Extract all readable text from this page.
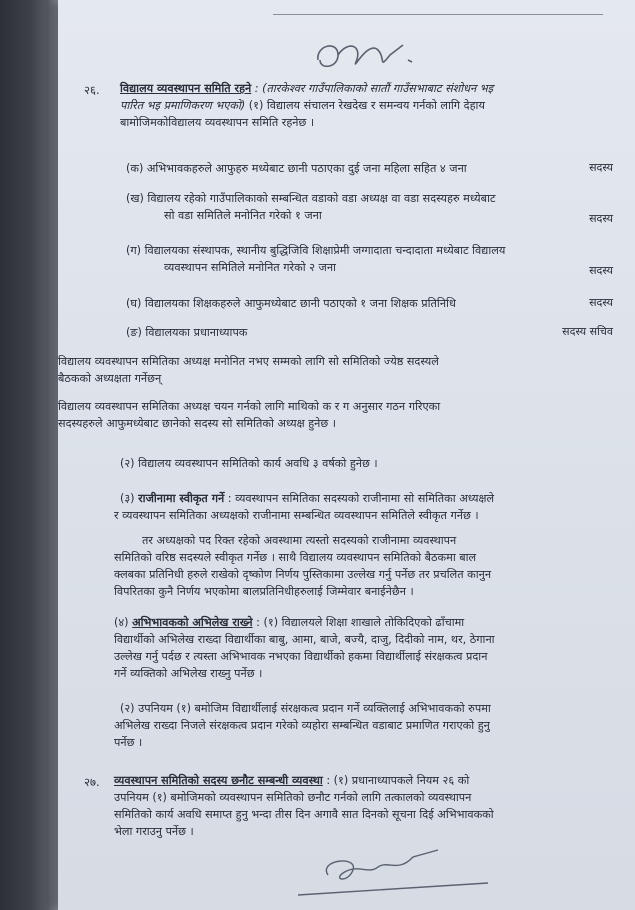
२६. विद्यालय व्यवस्थापन समिति रहने : (तारकेश्वर गाउँपालिकाको सातौं गाउँसभाबाट संशोधन भइ
पारित भइ प्रमाणिकरण भएको) (१) विद्यालय संचालन रेखदेख र समन्वय गर्नको लागि देहाय
बामोजिमकोविद्यालय व्यवस्थापन समिति रहनेछ ।
(क) अभिभावकहरुले आफुहरु मध्येबाट छानी पठाएका दुई जना महिला सहित ४ जना	सदस्य
(ख) विद्यालय रहेको गाउँपालिकाको सम्बन्धित वडाको वडा अध्यक्ष वा वडा सदस्यहरु मध्येबाट
सो वडा समितिले मनोनित गरेको १ जना	सदस्य
(ग) विद्यालयका संस्थापक, स्थानीय बुद्धिजिवि शिक्षाप्रेमी जग्गादाता चन्दादाता मध्येबाट विद्यालय
व्यवस्थापन समितिले मनोनित गरेको २ जना	सदस्य
(घ) विद्यालयका शिक्षकहरुले आफुमध्येबाट छानी पठाएको १ जना शिक्षक प्रतिनिधि	सदस्य
(ङ) विद्यालयका प्रधानाध्यापक	सदस्य सचिव
विद्यालय व्यवस्थापन समितिका अध्यक्ष मनोनित नभए सम्मको लागि सो समितिको ज्येष्ठ सदस्यले
बैठकको अध्यक्षता गर्नेछन्
विद्यालय व्यवस्थापन समितिका अध्यक्ष चयन गर्नको लागि माथिको क र ग अनुसार गठन गरिएका
सदस्यहरुले आफुमध्येबाट छानेको सदस्य सो समितिको अध्यक्ष हुनेछ ।
(२) विद्यालय व्यवस्थापन समितिको कार्य अवधि ३ वर्षको हुनेछ ।
(३) राजीनामा स्वीकृत गर्ने : व्यवस्थापन समितिका सदस्यको राजीनामा सो समितिका अध्यक्षले
र व्यवस्थापन समितिका अध्यक्षको राजीनामा सम्बन्धित व्यवस्थापन समितिले स्वीकृत गर्नेछ ।
तर अध्यक्षको पद रिक्त रहेको अवस्थामा त्यस्तो सदस्यको राजीनामा व्यवस्थापन
समितिको वरिष्ठ सदस्यले स्वीकृत गर्नेछ । साथै विद्यालय व्यवस्थापन समितिको बैठकमा बाल
क्लबका प्रतिनिधी हरुले राखेको दृष्कोण निर्णय पुस्तिकामा उल्लेख गर्नु पर्नेछ तर प्रचलित कानुन
विपरितका कुनै निर्णय भएकोमा बालप्रतिनिधीहरुलाई जिम्मेवार बनाईनेछैन ।
(४) अभिभावकको अभिलेख राख्ने : (१) विद्यालयले शिक्षा शाखाले तोकिदिएको ढाँचामा
विद्यार्थीको अभिलेख राख्दा विद्यार्थीका बाबु, आमा, बाजे, बज्यै, दाजु, दिदीको नाम, थर, ठेगाना
उल्लेख गर्नु पर्दछ र त्यस्ता अभिभावक नभएका विद्यार्थीको हकमा विद्यार्थीलाई संरक्षकत्व प्रदान
गर्ने व्यक्तिको अभिलेख राख्नु पर्नेछ ।
(२) उपनियम (१) बमोजिम विद्यार्थीलाई संरक्षकत्व प्रदान गर्ने व्यक्तिलाई अभिभावकको रुपमा
अभिलेख राख्दा निजले संरक्षकत्व प्रदान गरेको व्यहोरा सम्बन्धित वडाबाट प्रमाणित गराएको हुनु
पर्नेछ ।
२७. व्यवस्थापन समितिको सदस्य छनौट सम्बन्धी व्यवस्था : (१) प्रधानाध्यापकले नियम २६ को
उपनियम (१) बमोजिमको व्यवस्थापन समितिको छनौट गर्नको लागि तत्कालको व्यवस्थापन
समितिको कार्य अवधि समाप्त हुनु भन्दा तीस दिन अगावै सात दिनको सूचना दिई अभिभावकको
भेला गराउनु पर्नेछ ।
